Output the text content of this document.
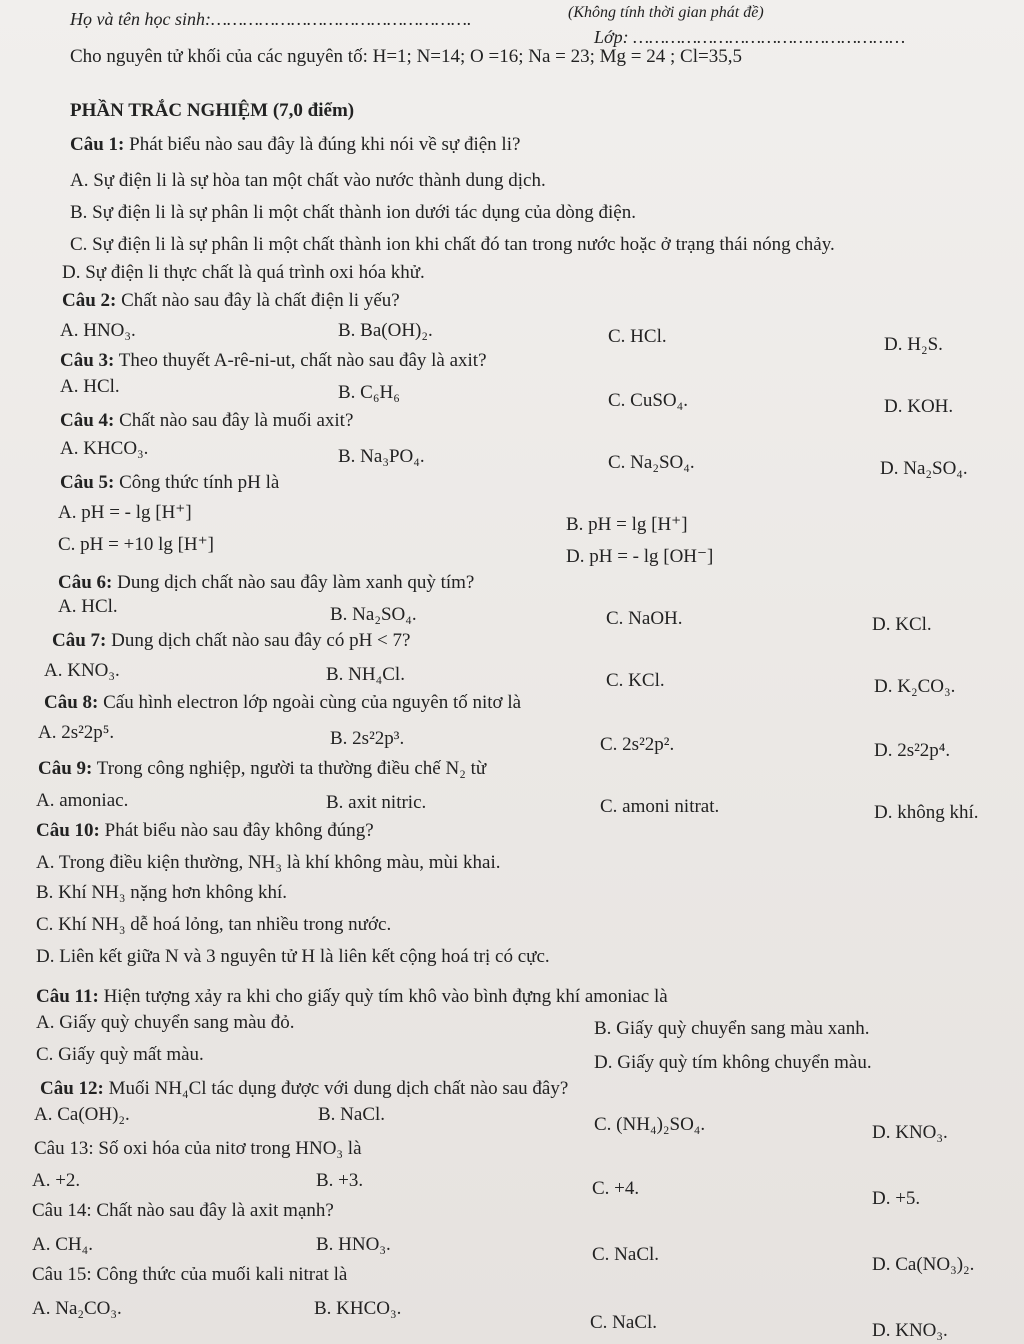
(Không tính thời gian phát đề)
Họ và tên học sinh:………………………………………….
Lớp: ……………………………………………
Cho nguyên tử khối của các nguyên tố: H=1; N=14; O =16; Na = 23; Mg = 24 ; Cl=35,5
PHẦN TRẮC NGHIỆM (7,0 điểm)
Câu 1: Phát biểu nào sau đây là đúng khi nói về sự điện li?
A. Sự điện li là sự hòa tan một chất vào nước thành dung dịch.
B. Sự điện li là sự phân li một chất thành ion dưới tác dụng của dòng điện.
C. Sự điện li là sự phân li một chất thành ion khi chất đó tan trong nước hoặc ở trạng thái nóng chảy.
D. Sự điện li thực chất là quá trình oxi hóa khử.
Câu 2: Chất nào sau đây là chất điện li yếu?
A. HNO₃.	B. Ba(OH)₂.	C. HCl.	D. H₂S.
Câu 3: Theo thuyết A-rê-ni-ut, chất nào sau đây là axit?
A. HCl.	B. C₆H₆	C. CuSO₄.	D. KOH.
Câu 4: Chất nào sau đây là muối axit?
A. KHCO₃.	B. Na₃PO₄.	C. Na₂SO₄.	D. Na₂SO₄.
Câu 5: Công thức tính pH là
A. pH = - lg [H⁺]
B. pH = lg [H⁺]
C. pH = +10 lg [H⁺]
D. pH = - lg [OH⁻]
Câu 6: Dung dịch chất nào sau đây làm xanh quỳ tím?
A. HCl.	B. Na₂SO₄.	C. NaOH.	D. KCl.
Câu 7: Dung dịch chất nào sau đây có pH < 7?
A. KNO₃.	B. NH₄Cl.	C. KCl.	D. K₂CO₃.
Câu 8: Cấu hình electron lớp ngoài cùng của nguyên tố nitơ là
A. 2s²2p⁵.	B. 2s²2p³.	C. 2s²2p².	D. 2s²2p⁴.
Câu 9: Trong công nghiệp, người ta thường điều chế N₂ từ
A. amoniac.	B. axit nitric.	C. amoni nitrat.	D. không khí.
Câu 10: Phát biểu nào sau đây không đúng?
A. Trong điều kiện thường, NH₃ là khí không màu, mùi khai.
B. Khí NH₃ nặng hơn không khí.
C. Khí NH₃ dễ hoá lỏng, tan nhiều trong nước.
D. Liên kết giữa N và 3 nguyên tử H là liên kết cộng hoá trị có cực.
Câu 11: Hiện tượng xảy ra khi cho giấy quỳ tím khô vào bình đựng khí amoniac là
A. Giấy quỳ chuyển sang màu đỏ.	B. Giấy quỳ chuyển sang màu xanh.
C. Giấy quỳ mất màu.	D. Giấy quỳ tím không chuyển màu.
Câu 12: Muối NH₄Cl tác dụng được với dung dịch chất nào sau đây?
A. Ca(OH)₂.	B. NaCl.	C. (NH₄)₂SO₄.	D. KNO₃.
Câu 13: Số oxi hóa của nitơ trong HNO₃ là
A. +2.	B. +3.	C. +4.	D. +5.
Câu 14: Chất nào sau đây là axit mạnh?
A. CH₄.	B. HNO₃.	C. NaCl.	D. Ca(NO₃)₂.
Câu 15: Công thức của muối kali nitrat là
A. Na₂CO₃.	B. KHCO₃.
C. NaCl.	D. KNO₃.
